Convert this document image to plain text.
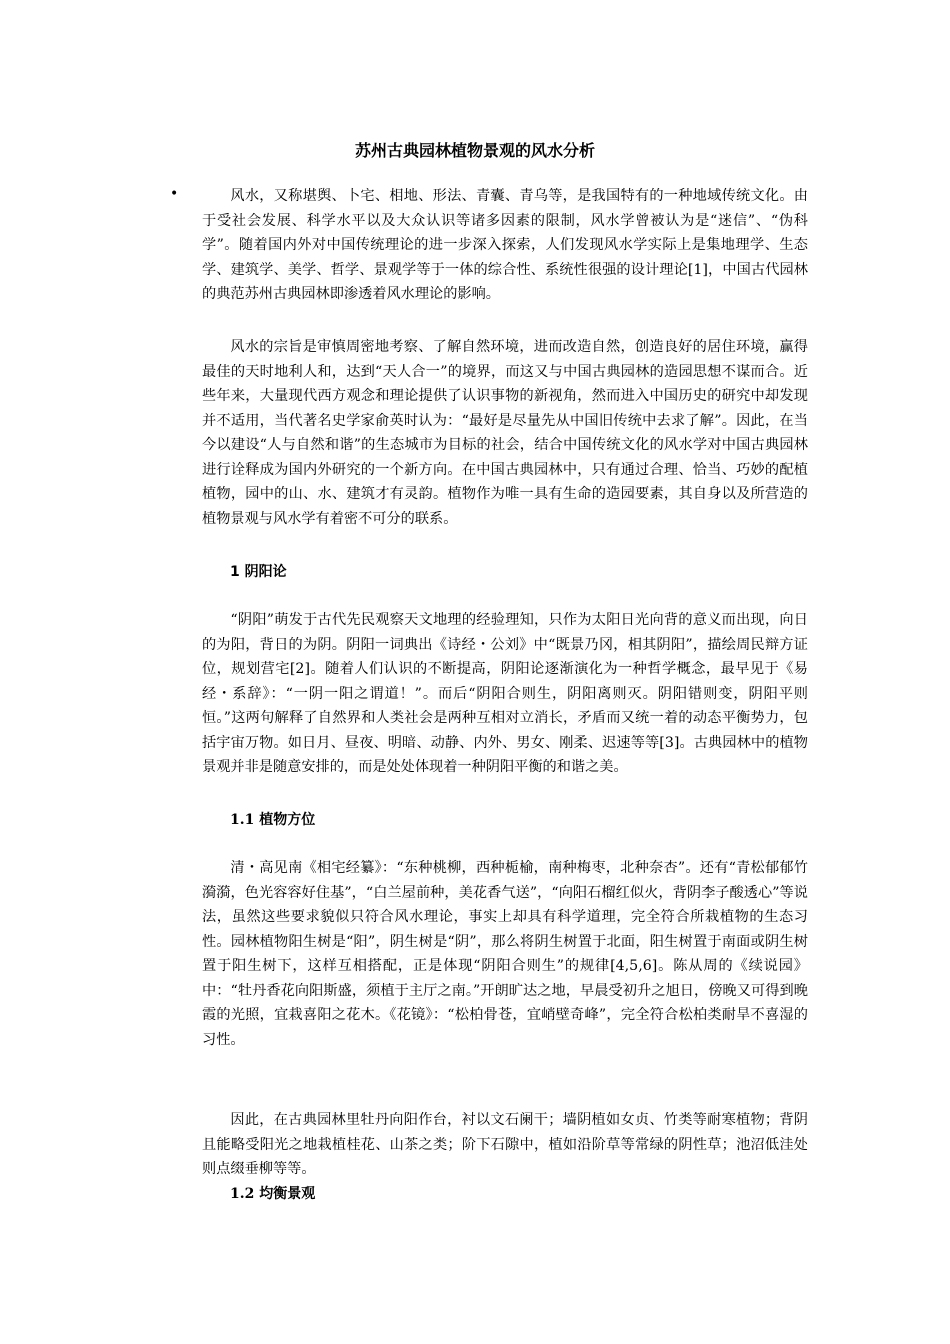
苏州古典园林植物景观的风水分析
•	风水，又称堪舆、卜宅、相地、形法、青囊、青乌等，是我国特有的一种地域传统文化。由于受社会发展、科学水平以及大众认识等诸多因素的限制，风水学曾被认为是“迷信”、“伪科学”。随着国内外对中国传统理论的进一步深入探索，人们发现风水学实际上是集地理学、生态学、建筑学、美学、哲学、景观学等于一体的综合性、系统性很强的设计理论[1]，中国古代园林的典范苏州古典园林即渗透着风水理论的影响。

风水的宗旨是审慎周密地考察、了解自然环境，进而改造自然，创造良好的居住环境，赢得最佳的天时地利人和，达到“天人合一”的境界，而这又与中国古典园林的造园思想不谋而合。近些年来，大量现代西方观念和理论提供了认识事物的新视角，然而进入中国历史的研究中却发现并不适用，当代著名史学家俞英时认为：“最好是尽量先从中国旧传统中去求了解”。因此，在当今以建设“人与自然和谐”的生态城市为目标的社会，结合中国传统文化的风水学对中国古典园林进行诠释成为国内外研究的一个新方向。在中国古典园林中，只有通过合理、恰当、巧妙的配植植物，园中的山、水、建筑才有灵韵。植物作为唯一具有生命的造园要素，其自身以及所营造的植物景观与风水学有着密不可分的联系。

1 阴阳论

“阴阳”萌发于古代先民观察天文地理的经验理知，只作为太阳日光向背的意义而出现，向日的为阳，背日的为阴。阴阳一词典出《诗经・公刘》中“既景乃冈，相其阴阳”，描绘周民辩方证位，规划营宅[2]。随着人们认识的不断提高，阴阳论逐渐演化为一种哲学概念，最早见于《易经・系辞》：“一阴一阳之谓道！”。而后“阴阳合则生，阴阳离则灭。阴阳错则变，阴阳平则恒。”这两句解释了自然界和人类社会是两种互相对立消长，矛盾而又统一着的动态平衡势力，包括宇宙万物。如日月、昼夜、明暗、动静、内外、男女、刚柔、迟速等等[3]。古典园林中的植物景观并非是随意安排的，而是处处体现着一种阴阳平衡的和谐之美。

1.1 植物方位

清・高见南《相宅经纂》：“东种桃柳，西种栀榆，南种梅枣，北种奈杏”。还有“青松郁郁竹漪漪，色光容容好住基”，“白兰屋前种，美花香气送”，“向阳石榴红似火，背阴李子酸透心”等说法，虽然这些要求貌似只符合风水理论，事实上却具有科学道理，完全符合所栽植物的生态习性。园林植物阳生树是“阳”，阴生树是“阴”，那么将阴生树置于北面，阳生树置于南面或阴生树置于阳生树下，这样互相搭配，正是体现“阴阳合则生”的规律[4,5,6]。陈从周的《续说园》中：“牡丹香花向阳斯盛，须植于主厅之南。”开朗旷达之地，早晨受初升之旭日，傍晚又可得到晚霞的光照，宜栽喜阳之花木。《花镜》：“松柏骨苍，宜峭壁奇峰”，完全符合松柏类耐旱不喜湿的习性。

因此，在古典园林里牡丹向阳作台，衬以文石阑干；墙阴植如女贞、竹类等耐寒植物；背阴且能略受阳光之地栽植桂花、山茶之类；阶下石隙中，植如沿阶草等常绿的阴性草；池沼低洼处则点缀垂柳等等。

1.2 均衡景观
